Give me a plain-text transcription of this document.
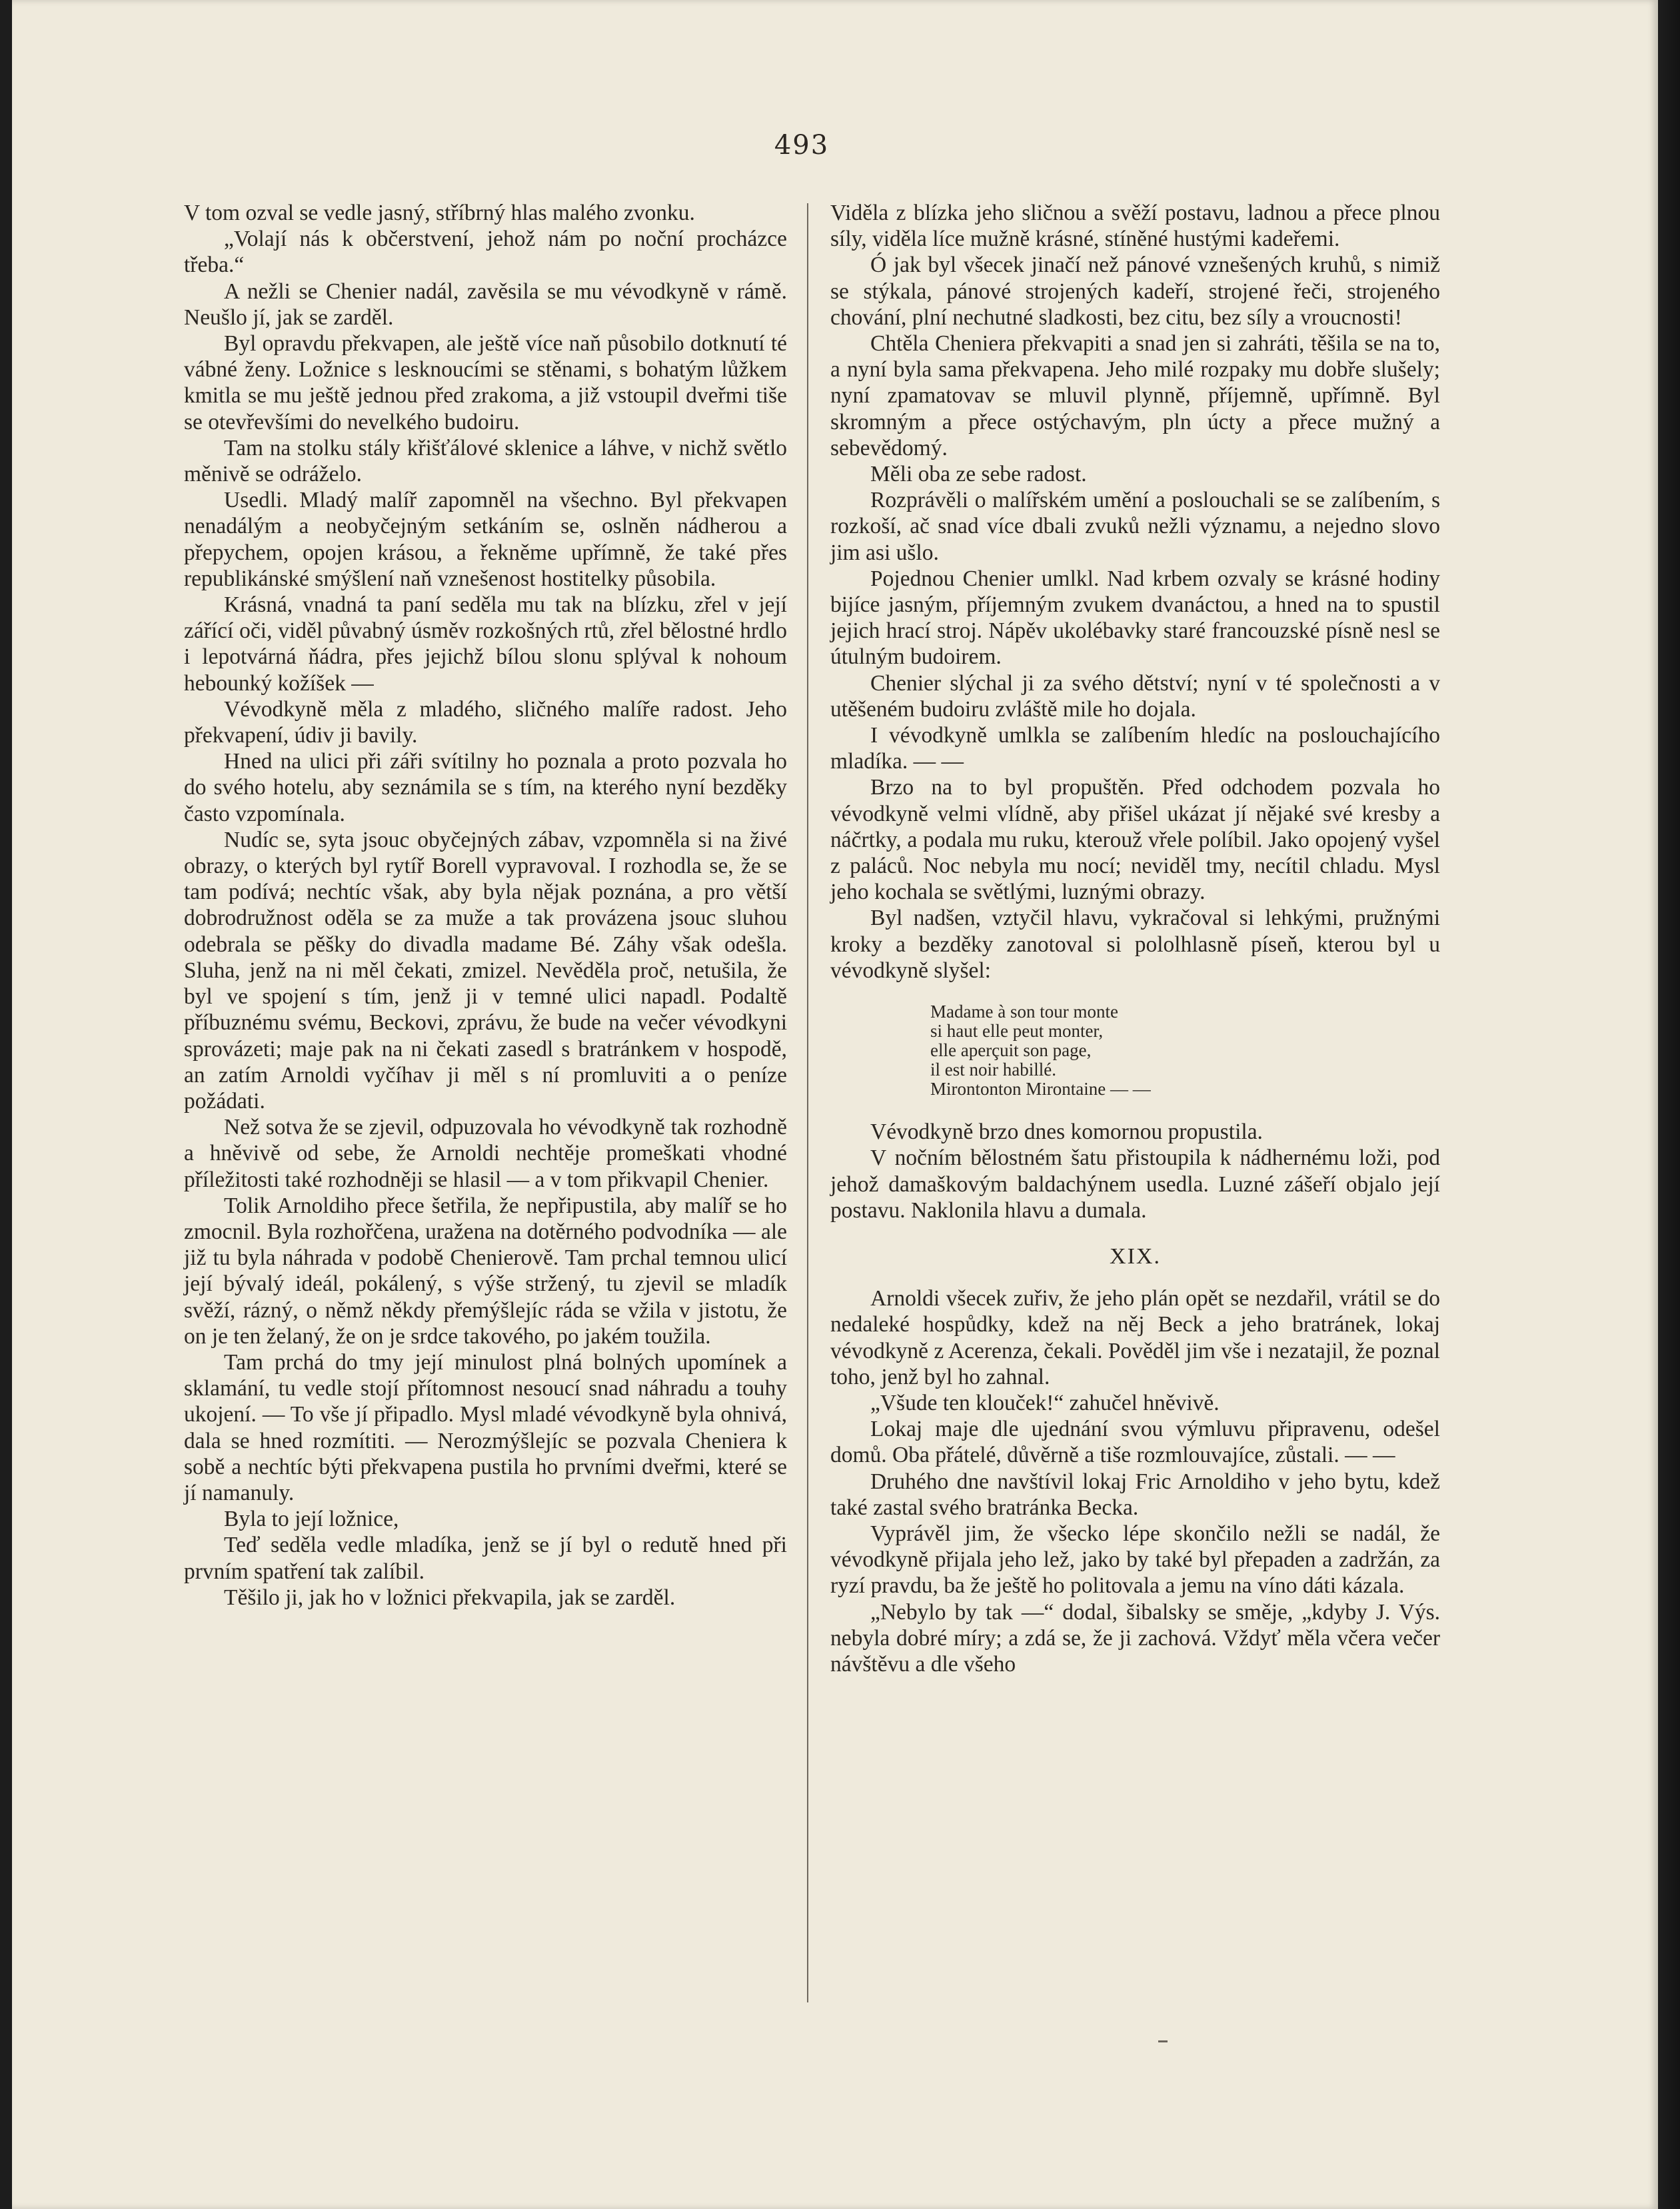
493

V tom ozval se vedle jasný, stříbrný hlas malého zvonku.

„Volají nás k občerstvení, jehož nám po noční procházce třeba.“

A nežli se Chenier nadál, zavěsila se mu vévodkyně v rámě. Neušlo jí, jak se zarděl.

Byl opravdu překvapen, ale ještě více naň působilo dotknutí té vábné ženy. Ložnice s lesknoucími se stěnami, s bohatým lůžkem kmitla se mu ještě jednou před zrakoma, a již vstoupil dveřmi tiše se otevřevšími do nevelkého budoiru.

Tam na stolku stály křišťálové sklenice a láhve, v nichž světlo měnivě se odráželo.

Usedli. Mladý malíř zapomněl na všechno. Byl překvapen nenadálým a neobyčejným setkáním se, oslněn nádherou a přepychem, opojen krásou, a řekněme upřímně, že také přes republikánské smýšlení naň vznešenost hostitelky působila.

Krásná, vnadná ta paní seděla mu tak na blízku, zřel v její zářící oči, viděl půvabný úsměv rozkošných rtů, zřel bělostné hrdlo i lepotvárná ňádra, přes jejichž bílou slonu splýval k nohoum hebounký kožíšek —

Vévodkyně měla z mladého, sličného malíře radost. Jeho překvapení, údiv ji bavily.

Hned na ulici při záři svítilny ho poznala a proto pozvala ho do svého hotelu, aby seznámila se s tím, na kterého nyní bezděky často vzpomínala.

Nudíc se, syta jsouc obyčejných zábav, vzpomněla si na živé obrazy, o kterých byl rytíř Borell vypravoval. I rozhodla se, že se tam podívá; nechtíc však, aby byla nějak poznána, a pro větší dobrodružnost oděla se za muže a tak provázena jsouc sluhou odebrala se pěšky do divadla madame Bé. Záhy však odešla. Sluha, jenž na ni měl čekati, zmizel. Nevěděla proč, netušila, že byl ve spojení s tím, jenž ji v temné ulici napadl. Podaltě příbuznému svému, Beckovi, zprávu, že bude na večer vévodkyni sprovázeti; maje pak na ni čekati zasedl s bratránkem v hospodě, an zatím Arnoldi vyčíhav ji měl s ní promluviti a o peníze požádati.

Než sotva že se zjevil, odpuzovala ho vévodkyně tak rozhodně a hněvivě od sebe, že Arnoldi nechtěje promeškati vhodné příležitosti také rozhodněji se hlasil — a v tom přikvapil Chenier.

Tolik Arnoldiho přece šetřila, že nepřipustila, aby malíř se ho zmocnil. Byla rozhořčena, uražena na dotěrného podvodníka — ale již tu byla náhrada v podobě Chenierově. Tam prchal temnou ulicí její bývalý ideál, pokálený, s výše stržený, tu zjevil se mladík svěží, rázný, o němž někdy přemýšlejíc ráda se vžila v jistotu, že on je ten želaný, že on je srdce takového, po jakém toužila.

Tam prchá do tmy její minulost plná bolných upomínek a sklamání, tu vedle stojí přítomnost nesoucí snad náhradu a touhy ukojení. — To vše jí připadlo. Mysl mladé vévodkyně byla ohnivá, dala se hned rozmítiti. — Nerozmýšlejíc se pozvala Cheniera k sobě a nechtíc býti překvapena pustila ho prvními dveřmi, které se jí namanuly.

Byla to její ložnice,

Teď seděla vedle mladíka, jenž se jí byl o redutě hned při prvním spatření tak zalíbil.

Těšilo ji, jak ho v ložnici překvapila, jak se zarděl.

Viděla z blízka jeho sličnou a svěží postavu, ladnou a přece plnou síly, viděla líce mužně krásné, stíněné hustými kadeřemi.

Ó jak byl všecek jinačí než pánové vznešených kruhů, s nimiž se stýkala, pánové strojených kadeří, strojené řeči, strojeného chování, plní nechutné sladkosti, bez citu, bez síly a vroucnosti!

Chtěla Cheniera překvapiti a snad jen si zahráti, těšila se na to, a nyní byla sama překvapena. Jeho milé rozpaky mu dobře slušely; nyní zpamatovav se mluvil plynně, příjemně, upřímně. Byl skromným a přece ostýchavým, pln úcty a přece mužný a sebevědomý.

Měli oba ze sebe radost.

Rozprávěli o malířském umění a poslouchali se se zalíbením, s rozkoší, ač snad více dbali zvuků nežli významu, a nejedno slovo jim asi ušlo.

Pojednou Chenier umlkl. Nad krbem ozvaly se krásné hodiny bijíce jasným, příjemným zvukem dvanáctou, a hned na to spustil jejich hrací stroj. Nápěv ukolébavky staré francouzské písně nesl se útulným budoirem.

Chenier slýchal ji za svého dětství; nyní v té společnosti a v utěšeném budoiru zvláště mile ho dojala.

I vévodkyně umlkla se zalíbením hledíc na poslouchajícího mladíka. — —

Brzo na to byl propuštěn. Před odchodem pozvala ho vévodkyně velmi vlídně, aby přišel ukázat jí nějaké své kresby a náčrtky, a podala mu ruku, kterouž vřele políbil. Jako opojený vyšel z paláců. Noc nebyla mu nocí; neviděl tmy, necítil chladu. Mysl jeho kochala se světlými, luznými obrazy.

Byl nadšen, vztyčil hlavu, vykračoval si lehkými, pružnými kroky a bezděky zanotoval si pololhlasně píseň, kterou byl u vévodkyně slyšel:

Madame à son tour monte
si haut elle peut monter,
elle aperçuit son page,
il est noir habillé.
Mirontonton Mirontaine — —

Vévodkyně brzo dnes komornou propustila.

V nočním bělostném šatu přistoupila k nádhernému loži, pod jehož damaškovým baldachýnem usedla. Luzné zášeří objalo její postavu. Naklonila hlavu a dumala.

XIX.

Arnoldi všecek zuřiv, že jeho plán opět se nezdařil, vrátil se do nedaleké hospůdky, kdež na něj Beck a jeho bratránek, lokaj vévodkyně z Acerenza, čekali. Pověděl jim vše i nezatajil, že poznal toho, jenž byl ho zahnal.

„Všude ten klouček!“ zahučel hněvivě.

Lokaj maje dle ujednání svou výmluvu připravenu, odešel domů. Oba přátelé, důvěrně a tiše rozmlouvajíce, zůstali. — —

Druhého dne navštívil lokaj Fric Arnoldiho v jeho bytu, kdež také zastal svého bratránka Becka.

Vyprávěl jim, že všecko lépe skončilo nežli se nadál, že vévodkyně přijala jeho lež, jako by také byl přepaden a zadržán, za ryzí pravdu, ba že ještě ho politovala a jemu na víno dáti kázala.

„Nebylo by tak —“ dodal, šibalsky se směje, „kdyby J. Výs. nebyla dobré míry; a zdá se, že ji zachová. Vždyť měla včera večer návštěvu a dle všeho
